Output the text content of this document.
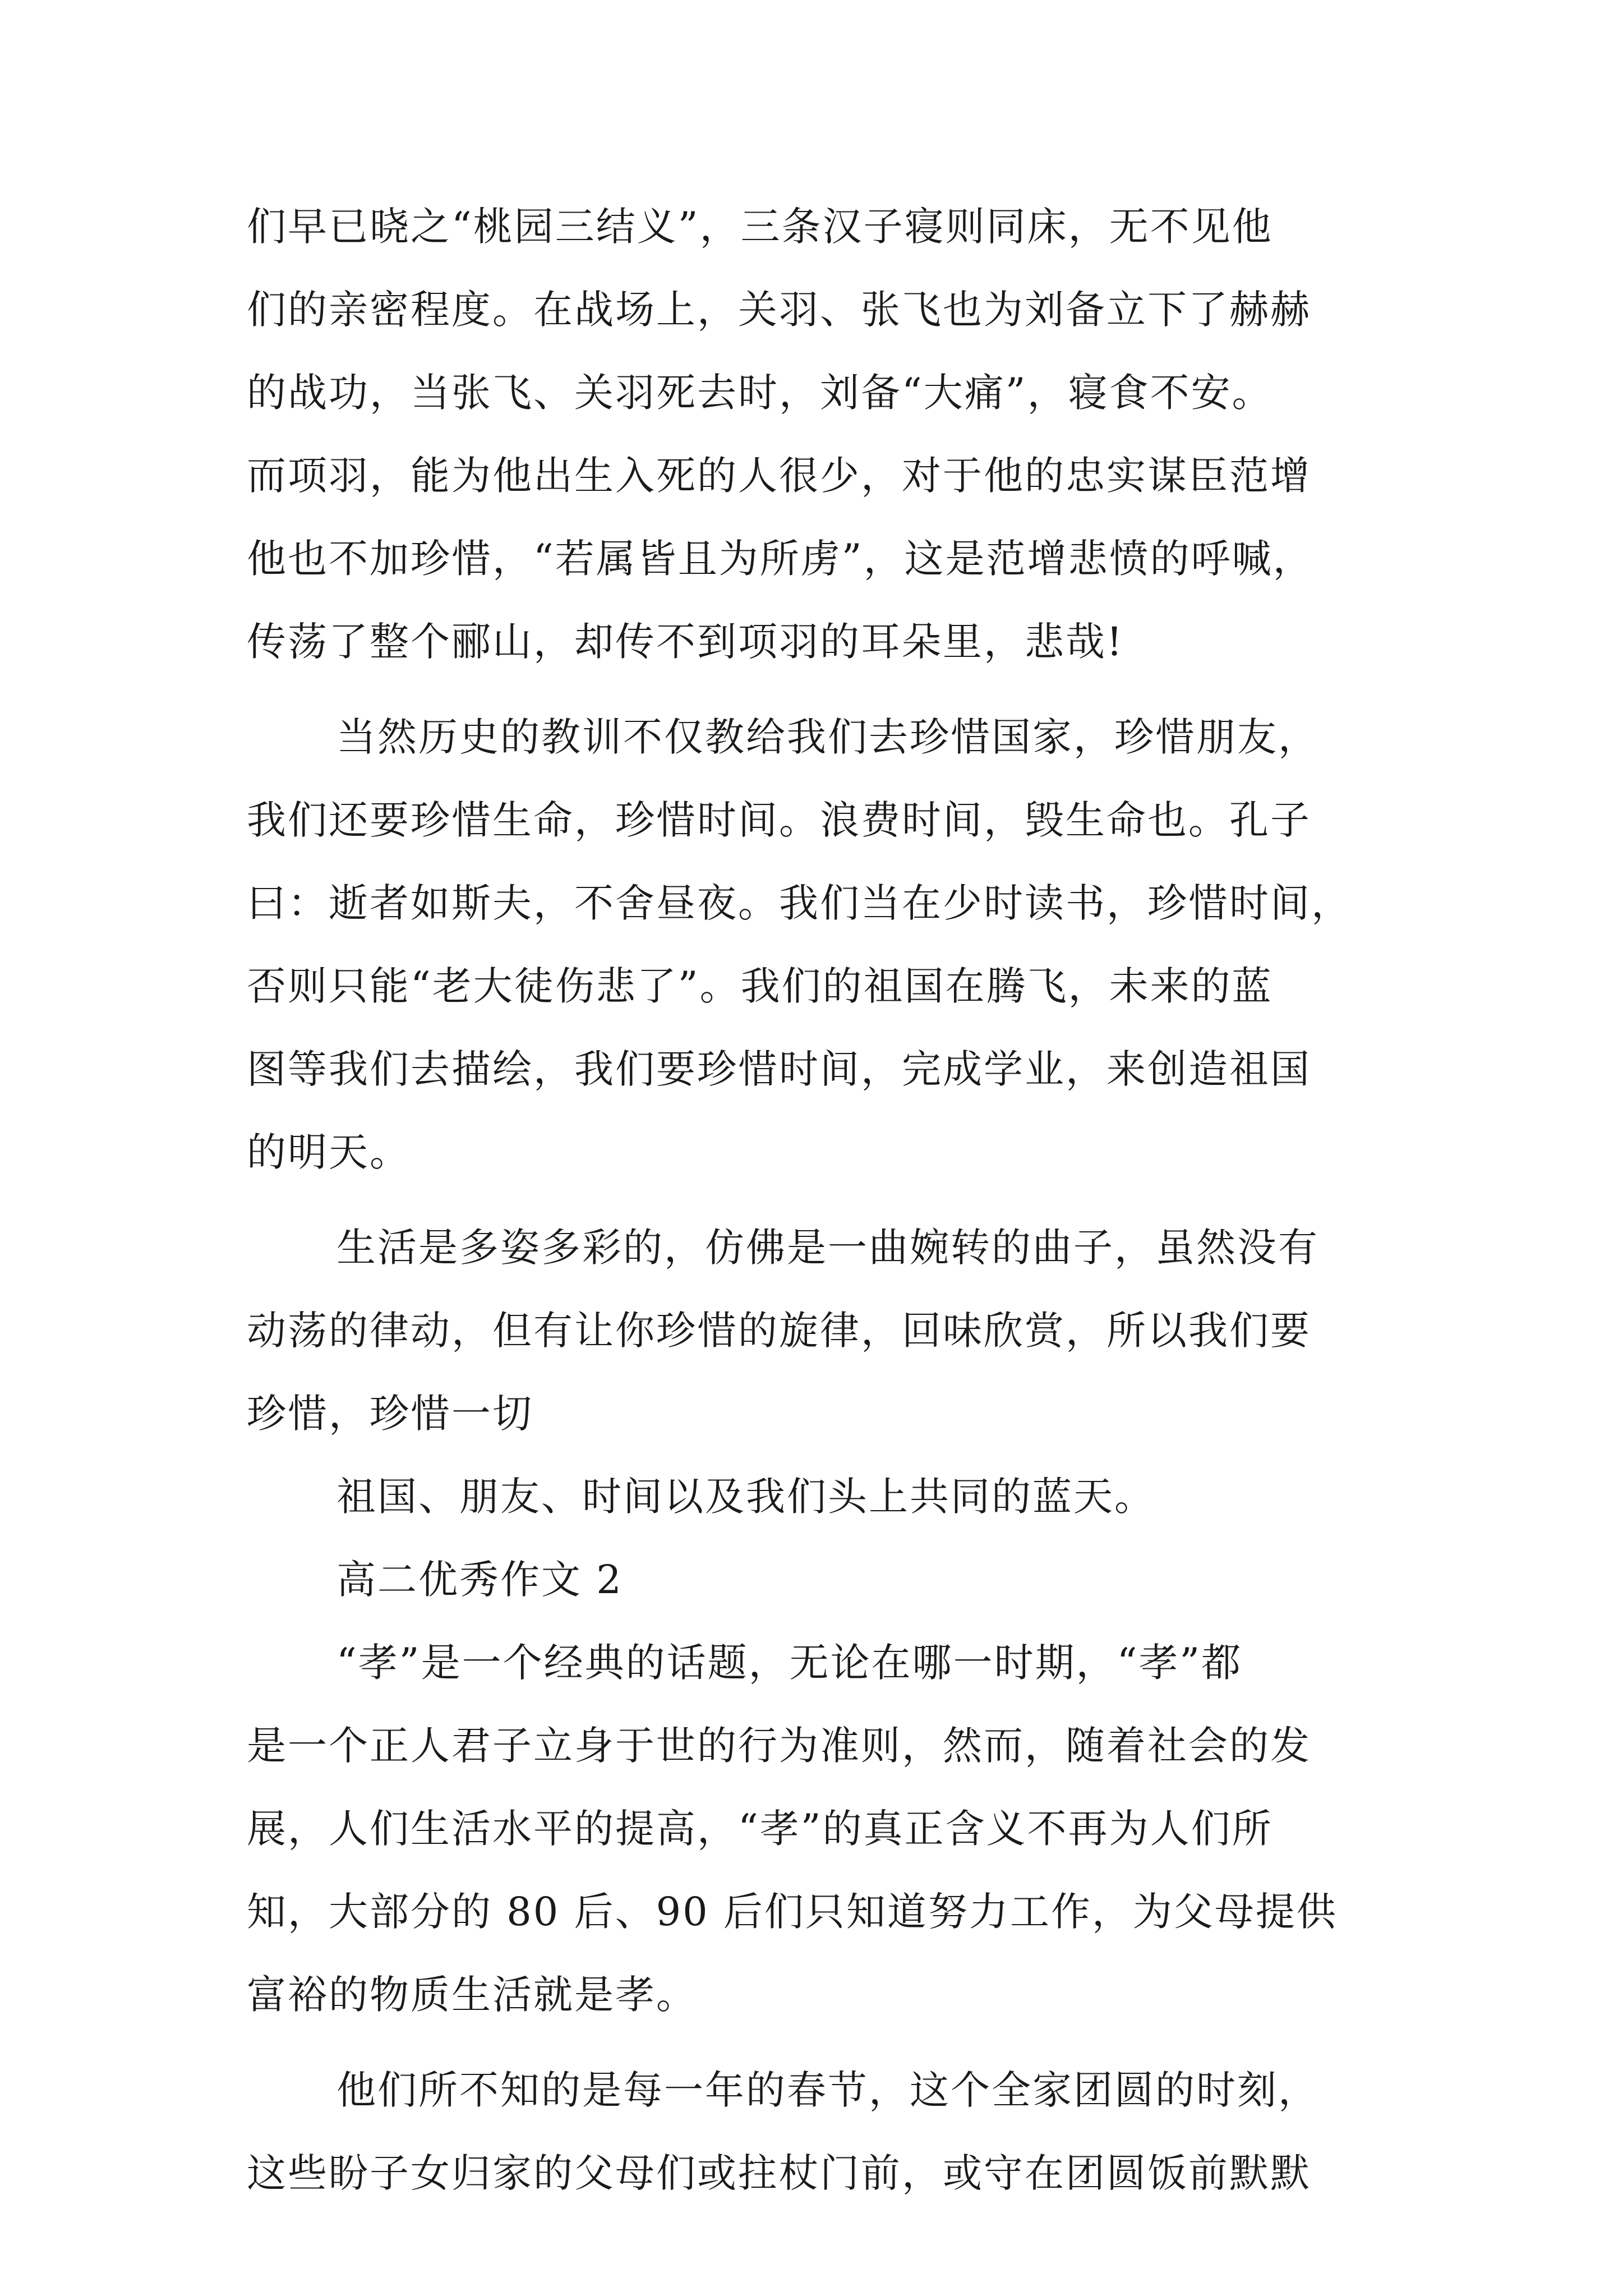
们早已晓之“桃园三结义”，三条汉子寝则同床，无不见他
们的亲密程度。在战场上，关羽、张飞也为刘备立下了赫赫
的战功，当张飞、关羽死去时，刘备“大痛”，寝食不安。
而项羽，能为他出生入死的人很少，对于他的忠实谋臣范增
他也不加珍惜，“若属皆且为所虏”，这是范增悲愤的呼喊，
传荡了整个郦山，却传不到项羽的耳朵里，悲哉!
当然历史的教训不仅教给我们去珍惜国家，珍惜朋友，
我们还要珍惜生命，珍惜时间。浪费时间，毁生命也。孔子
曰：逝者如斯夫，不舍昼夜。我们当在少时读书，珍惜时间，
否则只能“老大徒伤悲了”。我们的祖国在腾飞，未来的蓝
图等我们去描绘，我们要珍惜时间，完成学业，来创造祖国
的明天。
生活是多姿多彩的，仿佛是一曲婉转的曲子，虽然没有
动荡的律动，但有让你珍惜的旋律，回味欣赏，所以我们要
珍惜，珍惜一切
祖国、朋友、时间以及我们头上共同的蓝天。
高二优秀作文 2
“孝”是一个经典的话题，无论在哪一时期，“孝”都
是一个正人君子立身于世的行为准则，然而，随着社会的发
展，人们生活水平的提高，“孝”的真正含义不再为人们所
知，大部分的 80 后、90 后们只知道努力工作，为父母提供
富裕的物质生活就是孝。
他们所不知的是每一年的春节，这个全家团圆的时刻，
这些盼子女归家的父母们或拄杖门前，或守在团圆饭前默默
